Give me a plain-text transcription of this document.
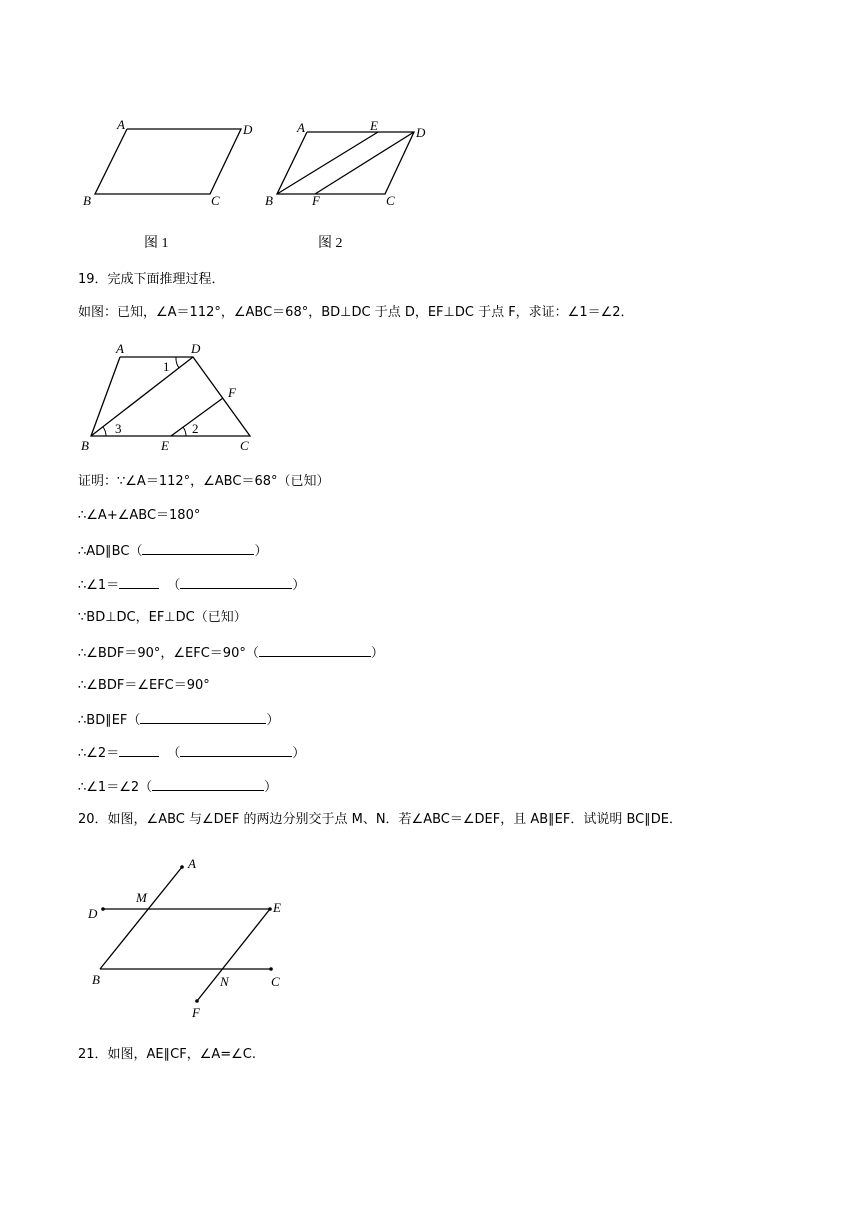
A	D
B	C
图 1
A	E	D
B	F	C
图 2
19．完成下面推理过程．
如图：已知，∠A＝112°，∠ABC＝68°，BD⊥DC 于点 D，EF⊥DC 于点 F，求证：∠1＝∠2．
A	D
F
B	E	C
1
3	2
证明：∵∠A＝112°，∠ABC＝68°（已知）
∴∠A+∠ABC＝180°
∴AD∥BC（	）
∴∠1＝	（	）
∵BD⊥DC，EF⊥DC（已知）
∴∠BDF＝90°，∠EFC＝90°（	）
∴∠BDF＝∠EFC＝90°
∴BD∥EF（	）
∴∠2＝	（	）
∴∠1＝∠2（	）
20．如图，∠ABC 与∠DEF 的两边分别交于点 M、N．若∠ABC＝∠DEF，且 AB∥EF．试说明 BC∥DE．
A
M
D	E
B	N	C
F
21．如图，AE∥CF，∠A=∠C.
